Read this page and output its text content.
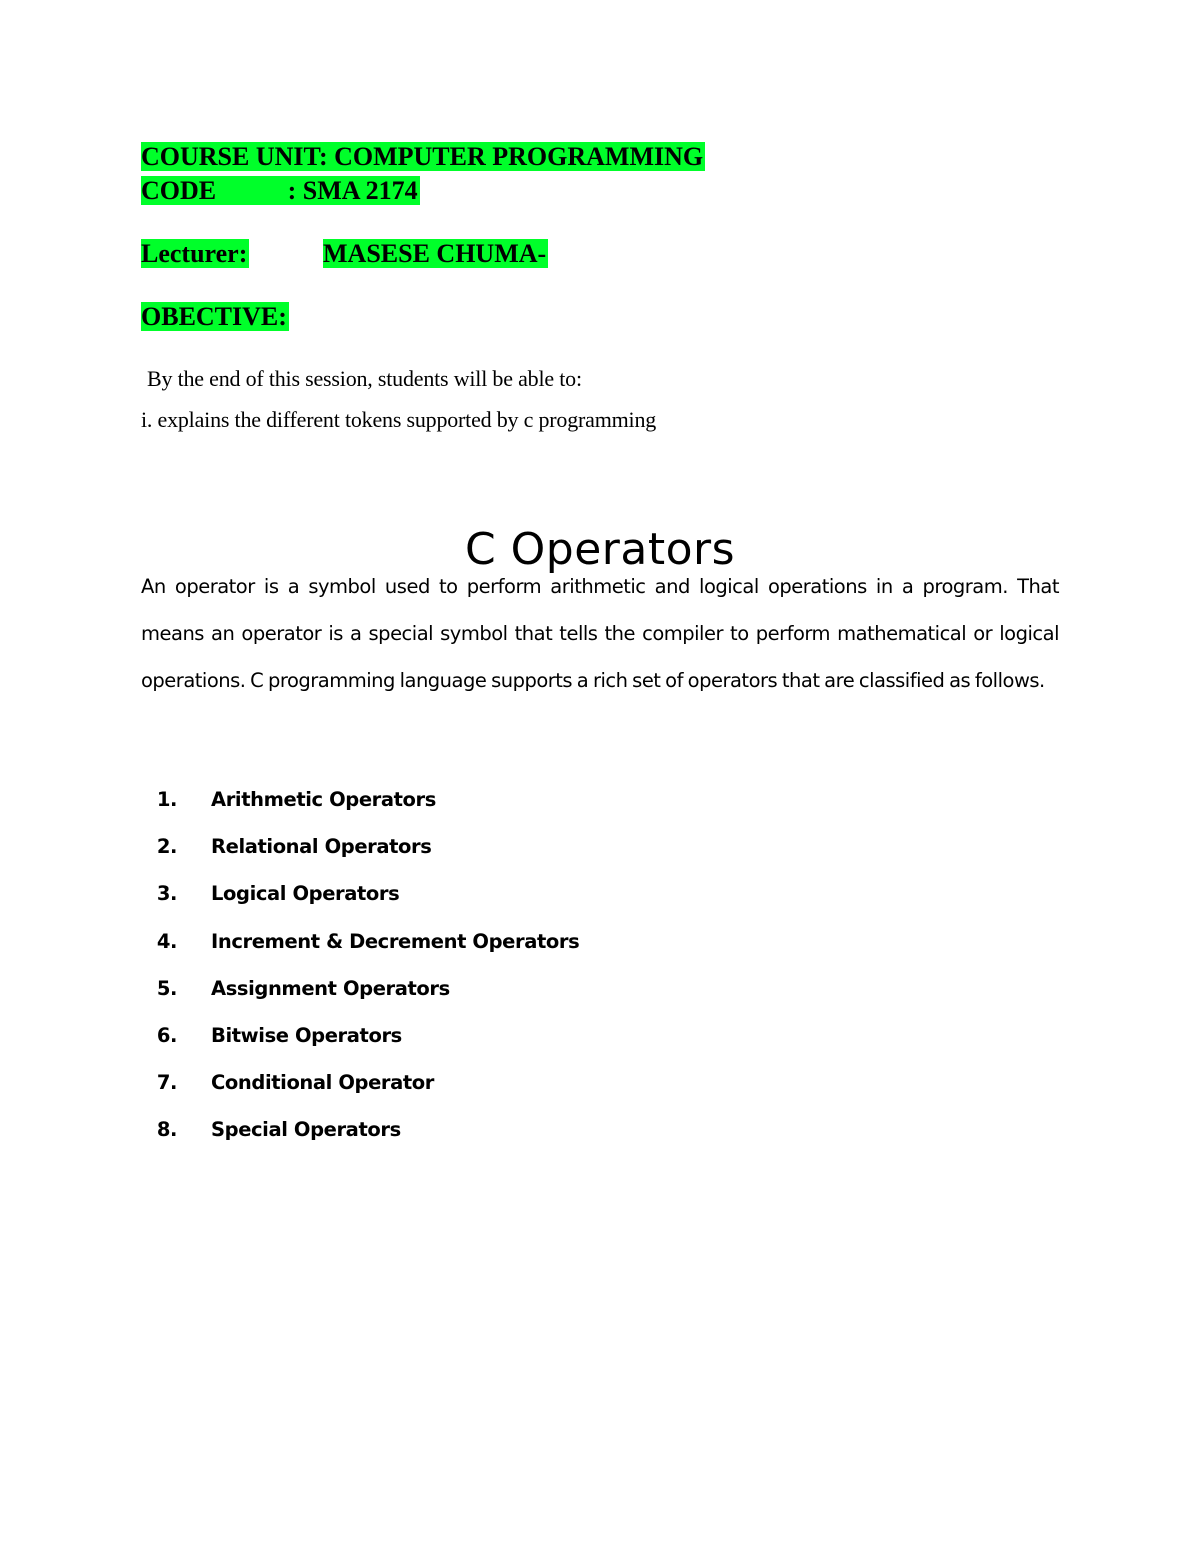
COURSE UNIT: COMPUTER PROGRAMMING
CODE           : SMA 2174
Lecturer:	MASESE CHUMA-
OBECTIVE:
By the end of this session, students will be able to:
i. explains the different tokens supported by c programming
C Operators

An operator is a symbol used to perform arithmetic and logical operations in a program. That means an operator is a special symbol that tells the compiler to perform mathematical or logical operations. C programming language supports a rich set of operators that are classified as follows.

1. Arithmetic Operators
2. Relational Operators
3. Logical Operators
4. Increment & Decrement Operators
5. Assignment Operators
6. Bitwise Operators
7. Conditional Operator
8. Special Operators
